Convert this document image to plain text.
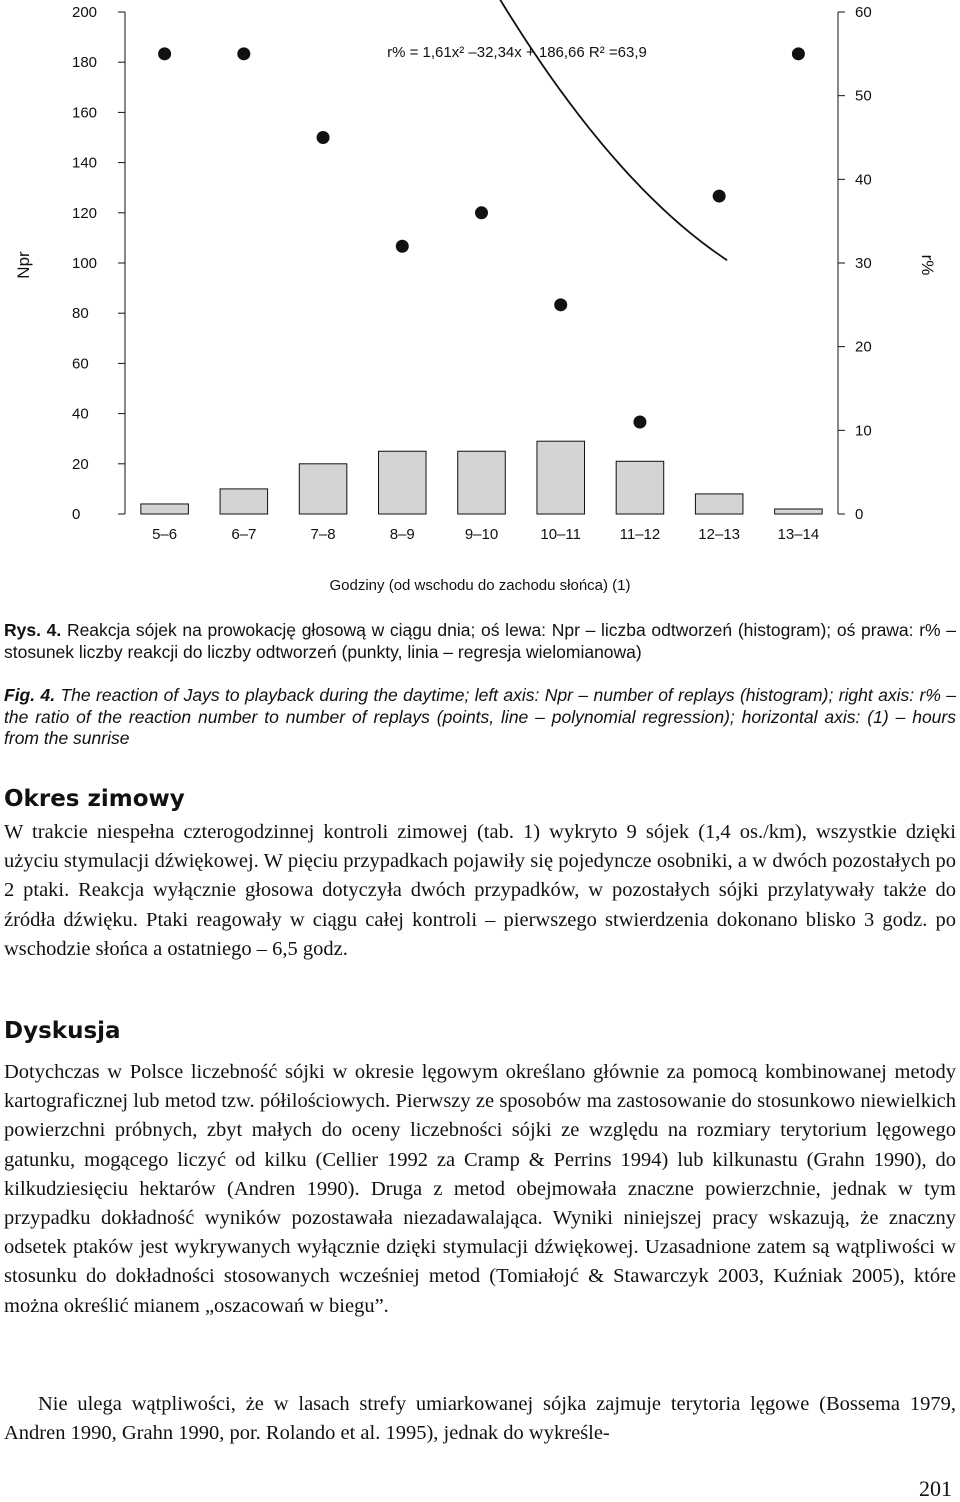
0
20
40
60
80
100
120
140
160
180
200
0
10
20
30
40
50
60
5–6	6–7	7–8	8–9	9–10	10–11	11–12	12–13	13–14
Npr	r%
r% = 1,61x² –32,34x + 186,66 R² =63,9
Godziny (od wschodu do zachodu słońca) (1)

Rys. 4. Reakcja sójek na prowokację głosową w ciągu dnia; oś lewa: Npr – liczba odtworzeń (histogram); oś prawa: r% – stosunek liczby reakcji do liczby odtworzeń (punkty, linia – regresja wielomianowa)

Fig. 4. The reaction of Jays to playback during the daytime; left axis: Npr – number of replays (histogram); right axis: r% – the ratio of the reaction number to number of replays (points, line – polynomial regression); horizontal axis: (1) – hours from the sunrise

Okres zimowy

W trakcie niespełna czterogodzinnej kontroli zimowej (tab. 1) wykryto 9 sójek (1,4 os./km), wszystkie dzięki użyciu stymulacji dźwiękowej. W pięciu przypadkach pojawiły się pojedyncze osobniki, a w dwóch pozostałych po 2 ptaki. Reakcja wyłącznie głosowa dotyczyła dwóch przypadków, w pozostałych sójki przylatywały także do źródła dźwięku. Ptaki reagowały w ciągu całej kontroli – pierwszego stwierdzenia dokonano blisko 3 godz. po wschodzie słońca a ostatniego – 6,5 godz.

Dyskusja

Dotychczas w Polsce liczebność sójki w okresie lęgowym określano głównie za pomocą kombinowanej metody kartograficznej lub metod tzw. półilościowych. Pierwszy ze sposobów ma zastosowanie do stosunkowo niewielkich powierzchni próbnych, zbyt małych do oceny liczebności sójki ze względu na rozmiary terytorium lęgowego gatunku, mogącego liczyć od kilku (Cellier 1992 za Cramp & Perrins 1994) lub kilkunastu (Grahn 1990), do kilkudziesięciu hektarów (Andren 1990). Druga z metod obejmowała znaczne powierzchnie, jednak w tym przypadku dokładność wyników pozostawała niezadawalająca. Wyniki niniejszej pracy wskazują, że znaczny odsetek ptaków jest wykrywanych wyłącznie dzięki stymulacji dźwiękowej. Uzasadnione zatem są wątpliwości w stosunku do dokładności stosowanych wcześniej metod (Tomiałojć & Stawarczyk 2003, Kuźniak 2005), które można określić mianem „oszacowań w biegu”.

Nie ulega wątpliwości, że w lasach strefy umiarkowanej sójka zajmuje terytoria lęgowe (Bossema 1979, Andren 1990, Grahn 1990, por. Rolando et al. 1995), jednak do wykreśle-

201
